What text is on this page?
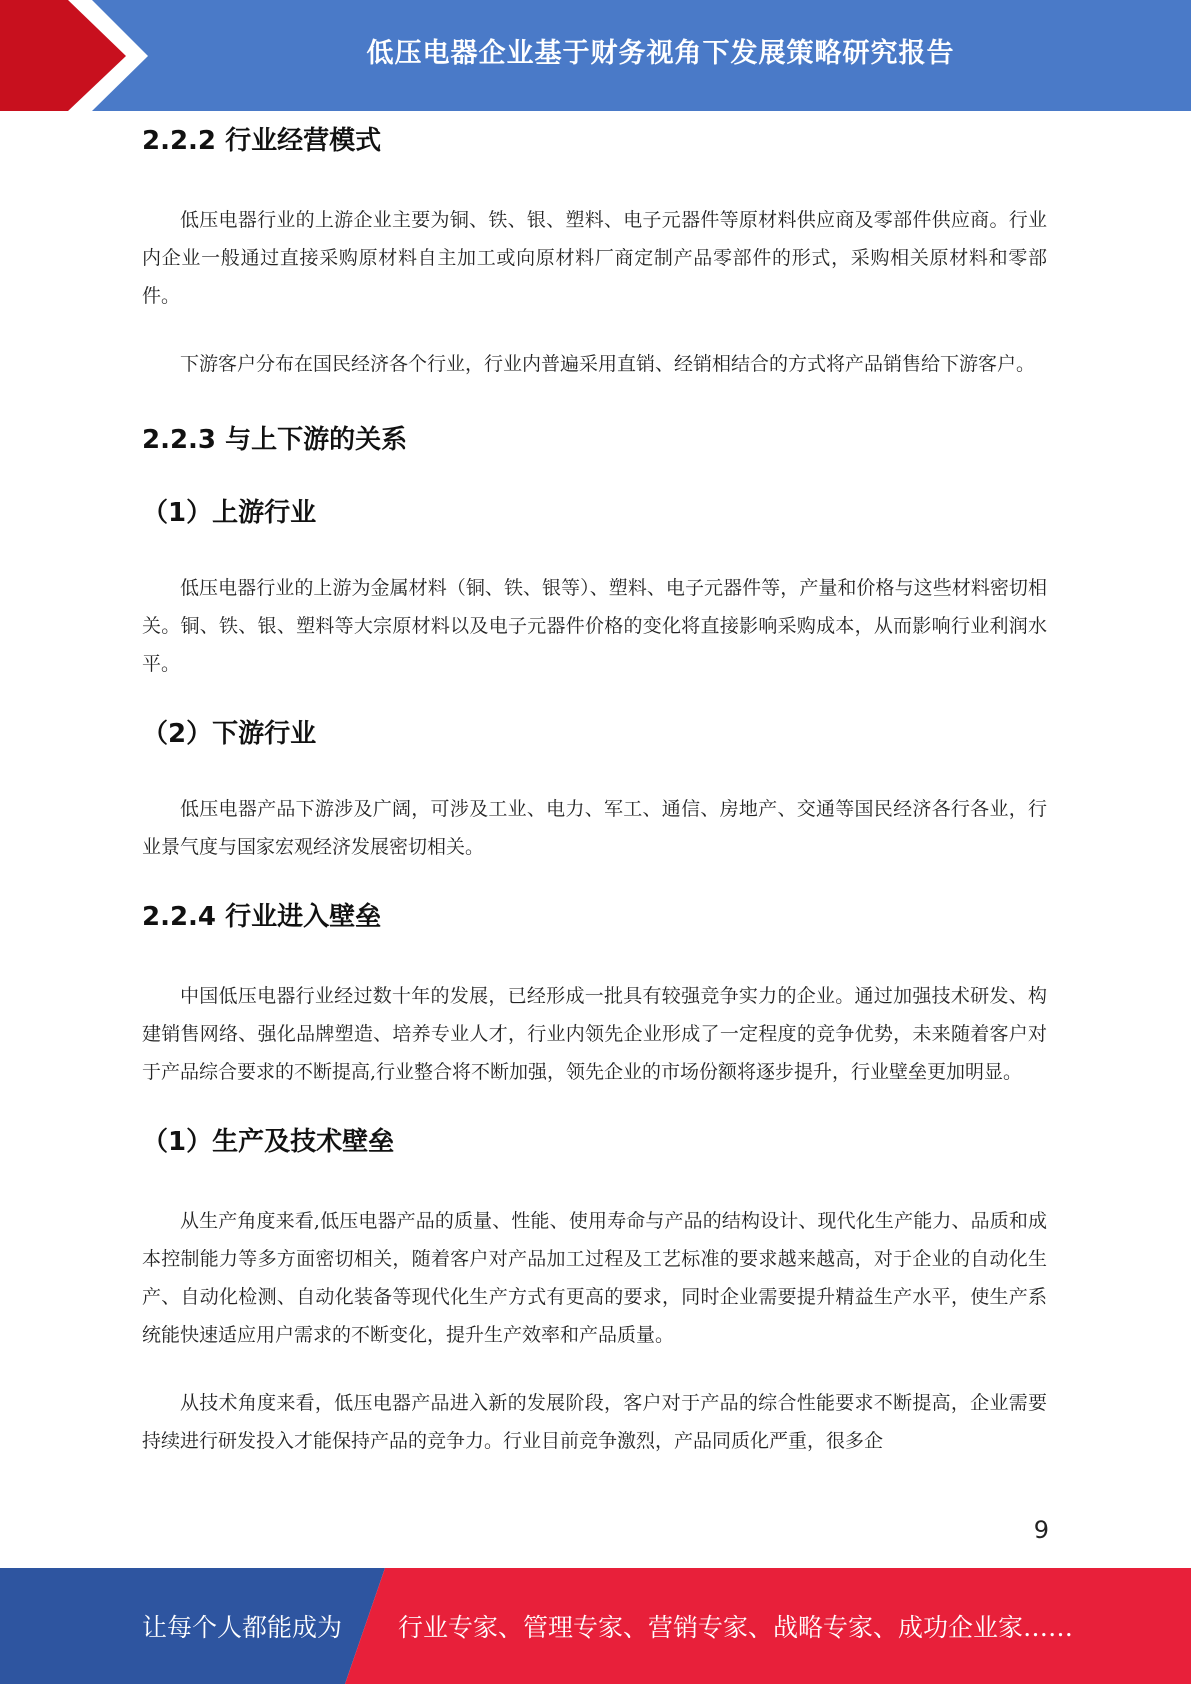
低压电器企业基于财务视角下发展策略研究报告
2.2.2 行业经营模式

低压电器行业的上游企业主要为铜、铁、银、塑料、电子元器件等原材料供应商及零部件供应商。行业内企业一般通过直接采购原材料自主加工或向原材料厂商定制产品零部件的形式，采购相关原材料和零部件。

下游客户分布在国民经济各个行业，行业内普遍采用直销、经销相结合的方式将产品销售给下游客户。

2.2.3 与上下游的关系
（1）上游行业

低压电器行业的上游为金属材料（铜、铁、银等）、塑料、电子元器件等，产量和价格与这些材料密切相关。铜、铁、银、塑料等大宗原材料以及电子元器件价格的变化将直接影响采购成本，从而影响行业利润水平。

（2）下游行业

低压电器产品下游涉及广阔，可涉及工业、电力、军工、通信、房地产、交通等国民经济各行各业，行业景气度与国家宏观经济发展密切相关。

2.2.4 行业进入壁垒

中国低压电器行业经过数十年的发展，已经形成一批具有较强竞争实力的企业。通过加强技术研发、构建销售网络、强化品牌塑造、培养专业人才，行业内领先企业形成了一定程度的竞争优势，未来随着客户对于产品综合要求的不断提高,行业整合将不断加强，领先企业的市场份额将逐步提升，行业壁垒更加明显。

（1）生产及技术壁垒

从生产角度来看,低压电器产品的质量、性能、使用寿命与产品的结构设计、现代化生产能力、品质和成本控制能力等多方面密切相关，随着客户对产品加工过程及工艺标准的要求越来越高，对于企业的自动化生产、自动化检测、自动化装备等现代化生产方式有更高的要求，同时企业需要提升精益生产水平，使生产系统能快速适应用户需求的不断变化，提升生产效率和产品质量。

从技术角度来看，低压电器产品进入新的发展阶段，客户对于产品的综合性能要求不断提高，企业需要持续进行研发投入才能保持产品的竞争力。行业目前竞争激烈，产品同质化严重，很多企

9
让每个人都能成为 行业专家、管理专家、营销专家、战略专家、成功企业家……
